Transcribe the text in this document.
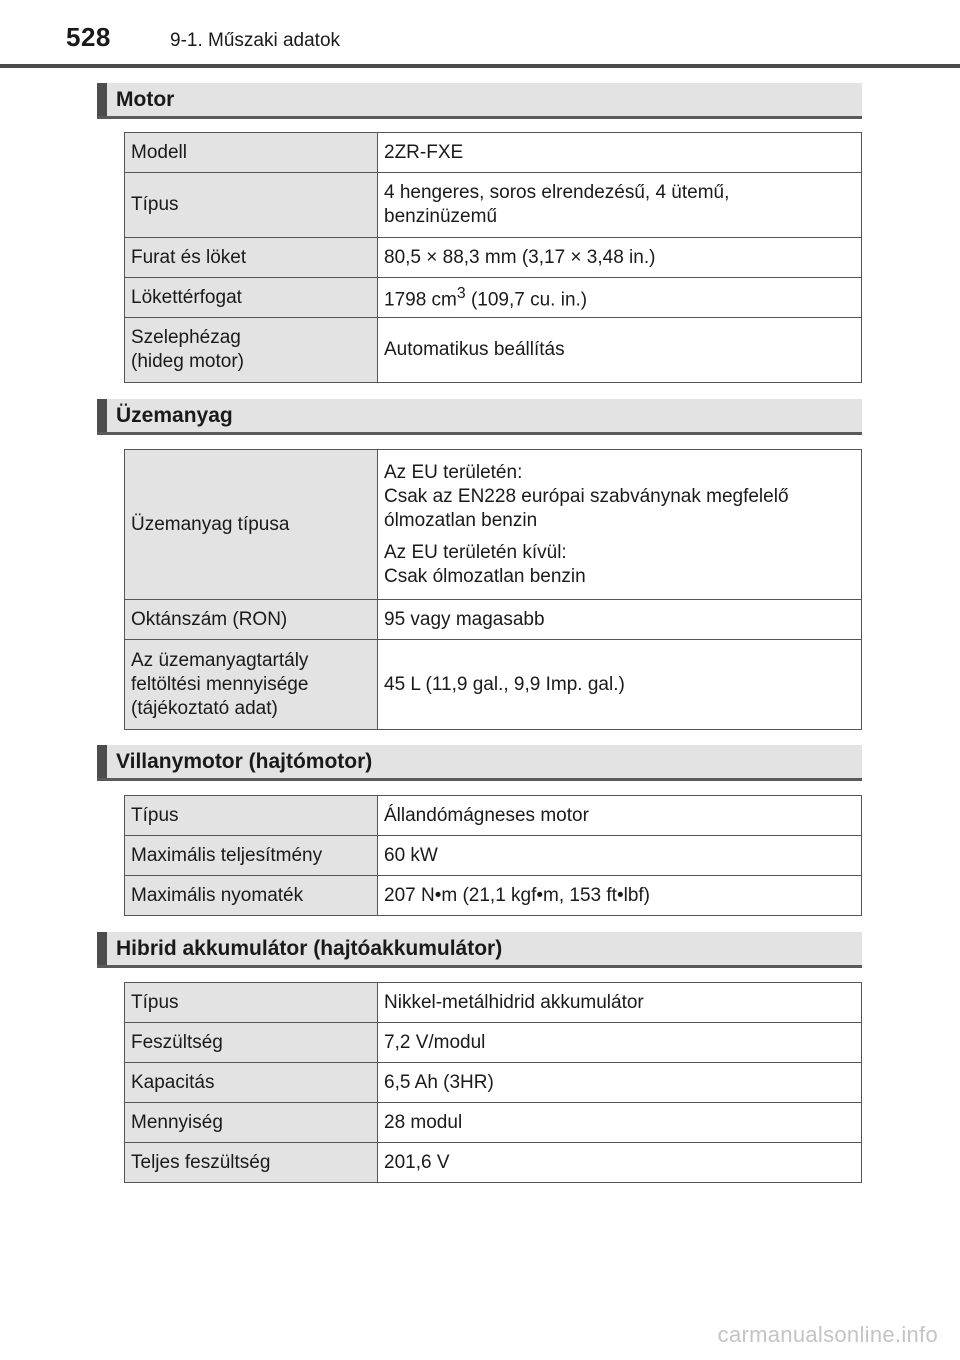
528	9-1. Műszaki adatok
Motor
Modell	2ZR-FXE
Típus	4 hengeres, soros elrendezésű, 4 ütemű,
benzinüzemű
Furat és löket	80,5 × 88,3 mm (3,17 × 3,48 in.)
Lökettérfogat	1798 $cm^3$ (109,7 cu. in.)
Szelephézag
(hideg motor)	Automatikus beállítás
Üzemanyag
Üzemanyag típusa	Az EU területén:
Csak az EN228 európai szabványnak megfelelő ólmozatlan benzin

Az EU területén kívül:
Csak ólmozatlan benzin

Oktánszám (RON)	95 vagy magasabb
Az üzemanyagtartály feltöltési mennyisége (tájékoztató adat)	45 L (11,9 gal., 9,9 Imp. gal.)
Villanymotor (hajtómotor)
Típus	Állandómágneses motor
Maximális teljesítmény	60 kW
Maximális nyomaték	207 N•m (21,1 kgf•m, 153 ft•lbf)
Hibrid akkumulátor (hajtóakkumulátor)
Típus	Nikkel-metálhidrid akkumulátor
Feszültség	7,2 V/modul
Kapacitás	6,5 Ah (3HR)
Mennyiség	28 modul
Teljes feszültség	201,6 V
carmanualsonline.info
